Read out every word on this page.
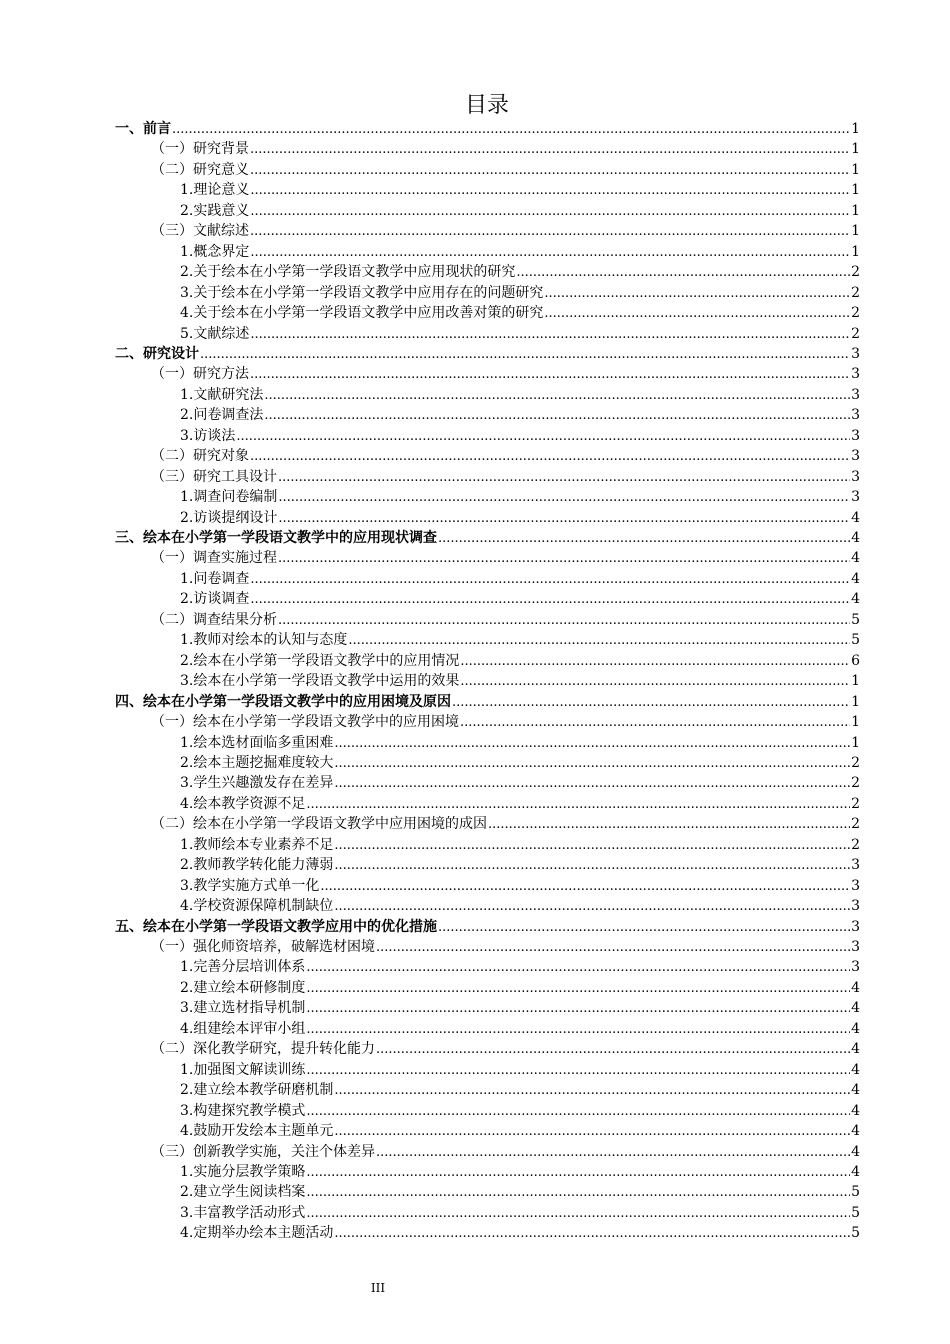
目录
一、前言 .....	1
（一）研究背景 .....	1
（二）研究意义 .....	1
1.理论意义 .....	1
2.实践意义 .....	1
（三）文献综述 .....	1
1.概念界定 .....	1
2.关于绘本在小学第一学段语文教学中应用现状的研究 .....	2
3.关于绘本在小学第一学段语文教学中应用存在的问题研究 .....	2
4.关于绘本在小学第一学段语文教学中应用改善对策的研究 .....	2
5.文献综述 .....	2
二、研究设计 .....	3
（一）研究方法 .....	3
1.文献研究法 .....	3
2.问卷调查法 .....	3
3.访谈法 .....	3
（二）研究对象 .....	3
（三）研究工具设计 .....	3
1.调查问卷编制 .....	3
2.访谈提纲设计 .....	4
三、绘本在小学第一学段语文教学中的应用现状调查 .....	4
（一）调查实施过程 .....	4
1.问卷调查 .....	4
2.访谈调查 .....	4
（二）调查结果分析 .....	5
1.教师对绘本的认知与态度 .....	5
2.绘本在小学第一学段语文教学中的应用情况 .....	6
3.绘本在小学第一学段语文教学中运用的效果 .....	1
四、绘本在小学第一学段语文教学中的应用困境及原因 .....	1
（一）绘本在小学第一学段语文教学中的应用困境 .....	1
1.绘本选材面临多重困难 .....	1
2.绘本主题挖掘难度较大 .....	2
3.学生兴趣激发存在差异 .....	2
4.绘本教学资源不足 .....	2
（二）绘本在小学第一学段语文教学中应用困境的成因 .....	2
1.教师绘本专业素养不足 .....	2
2.教师教学转化能力薄弱 .....	3
3.教学实施方式单一化 .....	3
4.学校资源保障机制缺位 .....	3
五、绘本在小学第一学段语文教学应用中的优化措施 .....	3
（一）强化师资培养，破解选材困境 .....	3
1.完善分层培训体系 .....	3
2.建立绘本研修制度 .....	4
3.建立选材指导机制 .....	4
4.组建绘本评审小组 .....	4
（二）深化教学研究，提升转化能力 .....	4
1.加强图文解读训练 .....	4
2.建立绘本教学研磨机制 .....	4
3.构建探究教学模式 .....	4
4.鼓励开发绘本主题单元 .....	4
（三）创新教学实施，关注个体差异 .....	4
1.实施分层教学策略 .....	4
2.建立学生阅读档案 .....	5
3.丰富教学活动形式 .....	5
4.定期举办绘本主题活动 .....	5
III
